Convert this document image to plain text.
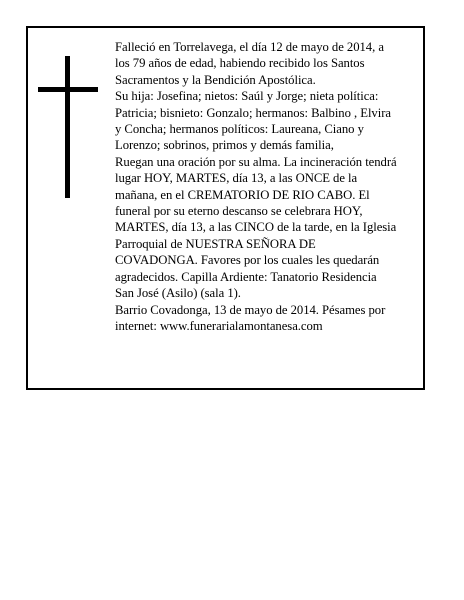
Falleció en Torrelavega, el día 12 de mayo de 2014, a
los 79 años de edad, habiendo recibido los Santos
Sacramentos y la Bendición Apostólica.
Su hija: Josefina; nietos: Saúl y Jorge; nieta política:
Patricia; bisnieto: Gonzalo; hermanos: Balbino , Elvira
y Concha; hermanos políticos: Laureana, Ciano y
Lorenzo; sobrinos, primos y demás familia,
Ruegan una oración por su alma. La incineración tendrá
lugar HOY, MARTES, día 13, a las ONCE de la
mañana, en el CREMATORIO DE RIO CABO. El
funeral por su eterno descanso se celebrara HOY,
MARTES, día 13, a las CINCO de la tarde, en la Iglesia
Parroquial de NUESTRA SEÑORA DE
COVADONGA. Favores por los cuales les quedarán
agradecidos. Capilla Ardiente: Tanatorio Residencia
San José (Asilo) (sala 1).
Barrio Covadonga, 13 de mayo de 2014. Pésames por
internet: www.funerarialamontanesa.com
